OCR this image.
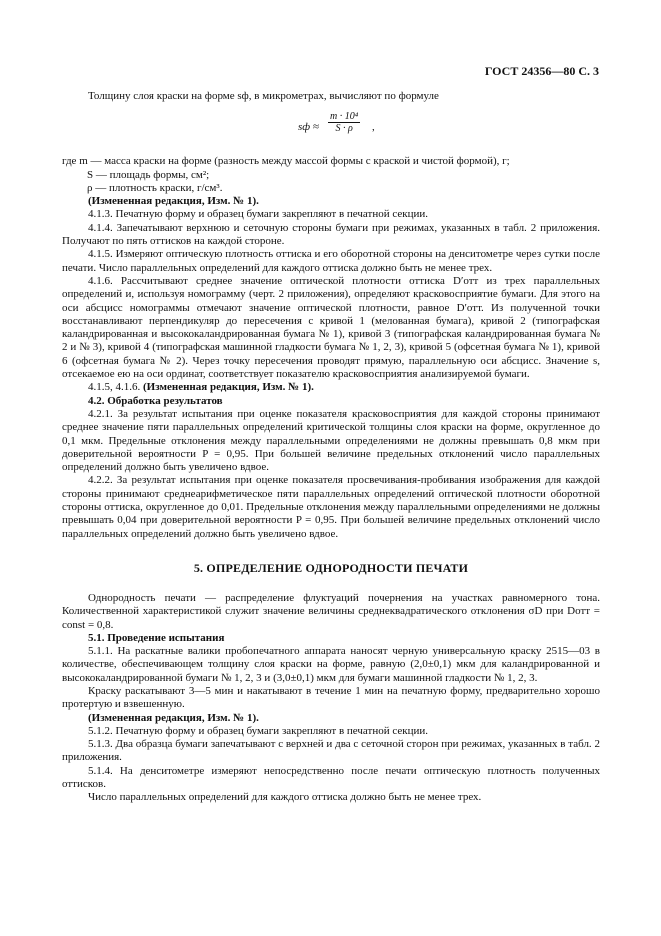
ГОСТ 24356—80 С. 3

Толщину слоя краски на форме sф, в микрометрах, вычисляют по формуле

sф ≈ $\frac{\text{m · 10⁴}}{S \cdot \rho}$ ,

где m — масса краски на форме (разность между массой формы с краской и чистой формой), г;

S — площадь формы, см²;

ρ — плотность краски, г/см³.

(Измененная редакция, Изм. № 1).

4.1.3. Печатную форму и образец бумаги закрепляют в печатной секции.

4.1.4. Запечатывают верхнюю и сеточную стороны бумаги при режимах, указанных в табл. 2 приложения. Получают по пять оттисков на каждой стороне.

4.1.5. Измеряют оптическую плотность оттиска и его оборотной стороны на денситометре через сутки после печати. Число параллельных определений для каждого оттиска должно быть не менее трех.

4.1.6. Рассчитывают среднее значение оптической плотности оттиска D′отт из трех параллельных определений и, используя номограмму (черт. 2 приложения), определяют красковосприятие бумаги. Для этого на оси абсцисс номограммы отмечают значение оптической плотности, равное D′отт. Из полученной точки восстанавливают перпендикуляр до пересечения с кривой 1 (мелованная бумага), кривой 2 (типографская каландрированная и высококаландрированная бумага № 1), кривой 3 (типографская каландрированная бумага № 2 и № 3), кривой 4 (типографская машинной гладкости бумага № 1, 2, 3), кривой 5 (офсетная бумага № 1), кривой 6 (офсетная бумага № 2). Через точку пересечения проводят прямую, параллельную оси абсцисс. Значение s, отсекаемое ею на оси ординат, соответствует показателю красковосприятия анализируемой бумаги.

4.1.5, 4.1.6. (Измененная редакция, Изм. № 1).

4.2. Обработка результатов

4.2.1. За результат испытания при оценке показателя красковосприятия для каждой стороны принимают среднее значение пяти параллельных определений критической толщины слоя краски на форме, округленное до 0,1 мкм. Предельные отклонения между параллельными определениями не должны превышать 0,8 мкм при доверительной вероятности P = 0,95. При большей величине предельных отклонений число параллельных определений должно быть увеличено вдвое.

4.2.2. За результат испытания при оценке показателя просвечивания-пробивания изображения для каждой стороны принимают среднеарифметическое пяти параллельных определений оптической плотности оборотной стороны оттиска, округленное до 0,01. Предельные отклонения между параллельными определениями не должны превышать 0,04 при доверительной вероятности P = 0,95. При большей величине предельных отклонений число параллельных определений должно быть увеличено вдвое.

5. ОПРЕДЕЛЕНИЕ ОДНОРОДНОСТИ ПЕЧАТИ

Однородность печати — распределение флуктуаций почернения на участках равномерного тона. Количественной характеристикой служит значение величины среднеквадратического отклонения σD при Dотт = const = 0,8.

5.1. Проведение испытания

5.1.1. На раскатные валики пробопечатного аппарата наносят черную универсальную краску 2515—03 в количестве, обеспечивающем толщину слоя краски на форме, равную (2,0±0,1) мкм для каландрированной и высококаландрированной бумаги № 1, 2, 3 и (3,0±0,1) мкм для бумаги машинной гладкости № 1, 2, 3.

Краску раскатывают 3—5 мин и накатывают в течение 1 мин на печатную форму, предварительно хорошо протертую и взвешенную.

(Измененная редакция, Изм. № 1).

5.1.2. Печатную форму и образец бумаги закрепляют в печатной секции.

5.1.3. Два образца бумаги запечатывают с верхней и два с сеточной сторон при режимах, указанных в табл. 2 приложения.

5.1.4. На денситометре измеряют непосредственно после печати оптическую плотность полученных оттисков.

Число параллельных определений для каждого оттиска должно быть не менее трех.
